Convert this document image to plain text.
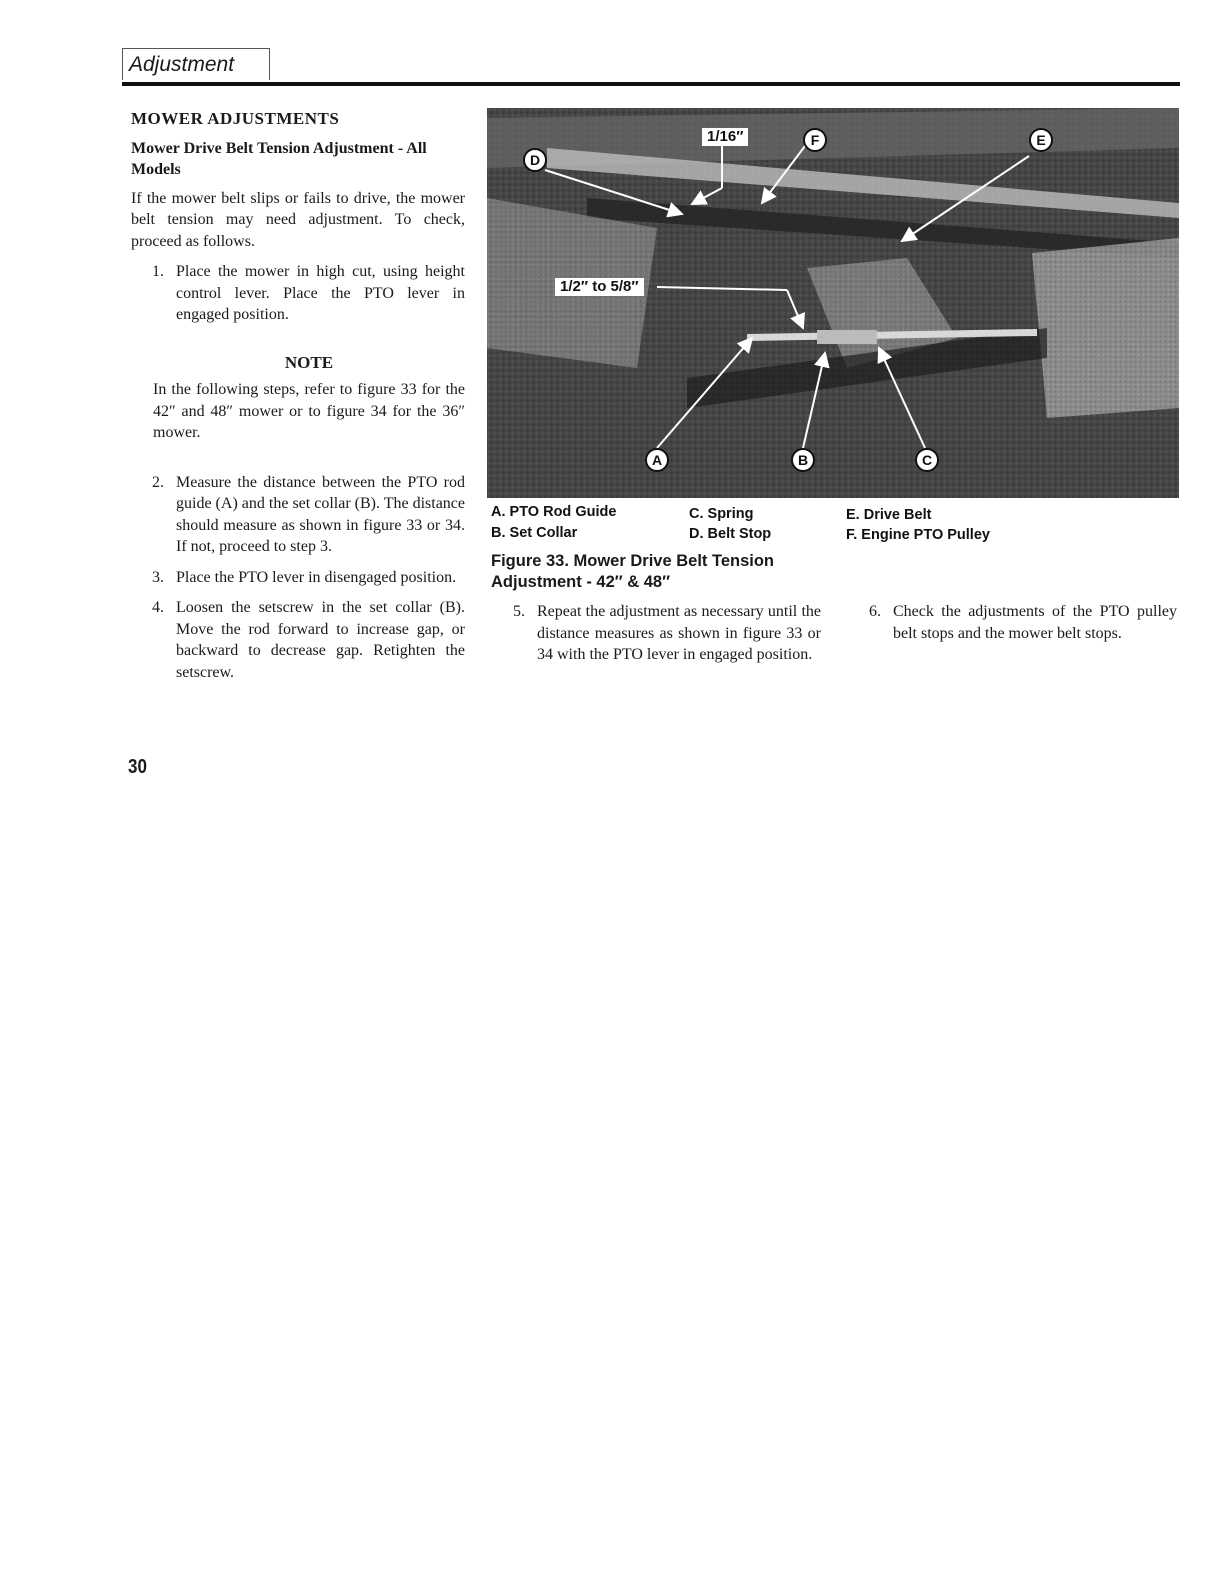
Adjustment
MOWER ADJUSTMENTS
Mower Drive Belt Tension Adjustment - All Models

If the mower belt slips or fails to drive, the mower belt tension may need adjustment. To check, proceed as follows.

1. Place the mower in high cut, using height control lever. Place the PTO lever in engaged position.
NOTE

In the following steps, refer to figure 33 for the 42″ and 48″ mower or to figure 34 for the 36″ mower.

2. Measure the distance between the PTO rod guide (A) and the set collar (B). The distance should measure as shown in figure 33 or 34. If not, proceed to step 3.
3. Place the PTO lever in disengaged position.
4. Loosen the setscrew in the set collar (B). Move the rod forward to increase gap, or backward to decrease gap. Retighten the setscrew.
1/16″
1/2″ to 5/8″
D
F	E
A	B	C
A. PTO Rod Guide
B. Set Collar
C. Spring
D. Belt Stop
E. Drive Belt
F. Engine PTO Pulley
Figure 33. Mower Drive Belt Tension
Adjustment - 42″ & 48″
5. Repeat the adjustment as necessary until the distance measures as shown in figure 33 or 34 with the PTO lever in engaged position.
6. Check the adjustments of the PTO pulley belt stops and the mower belt stops.
30
